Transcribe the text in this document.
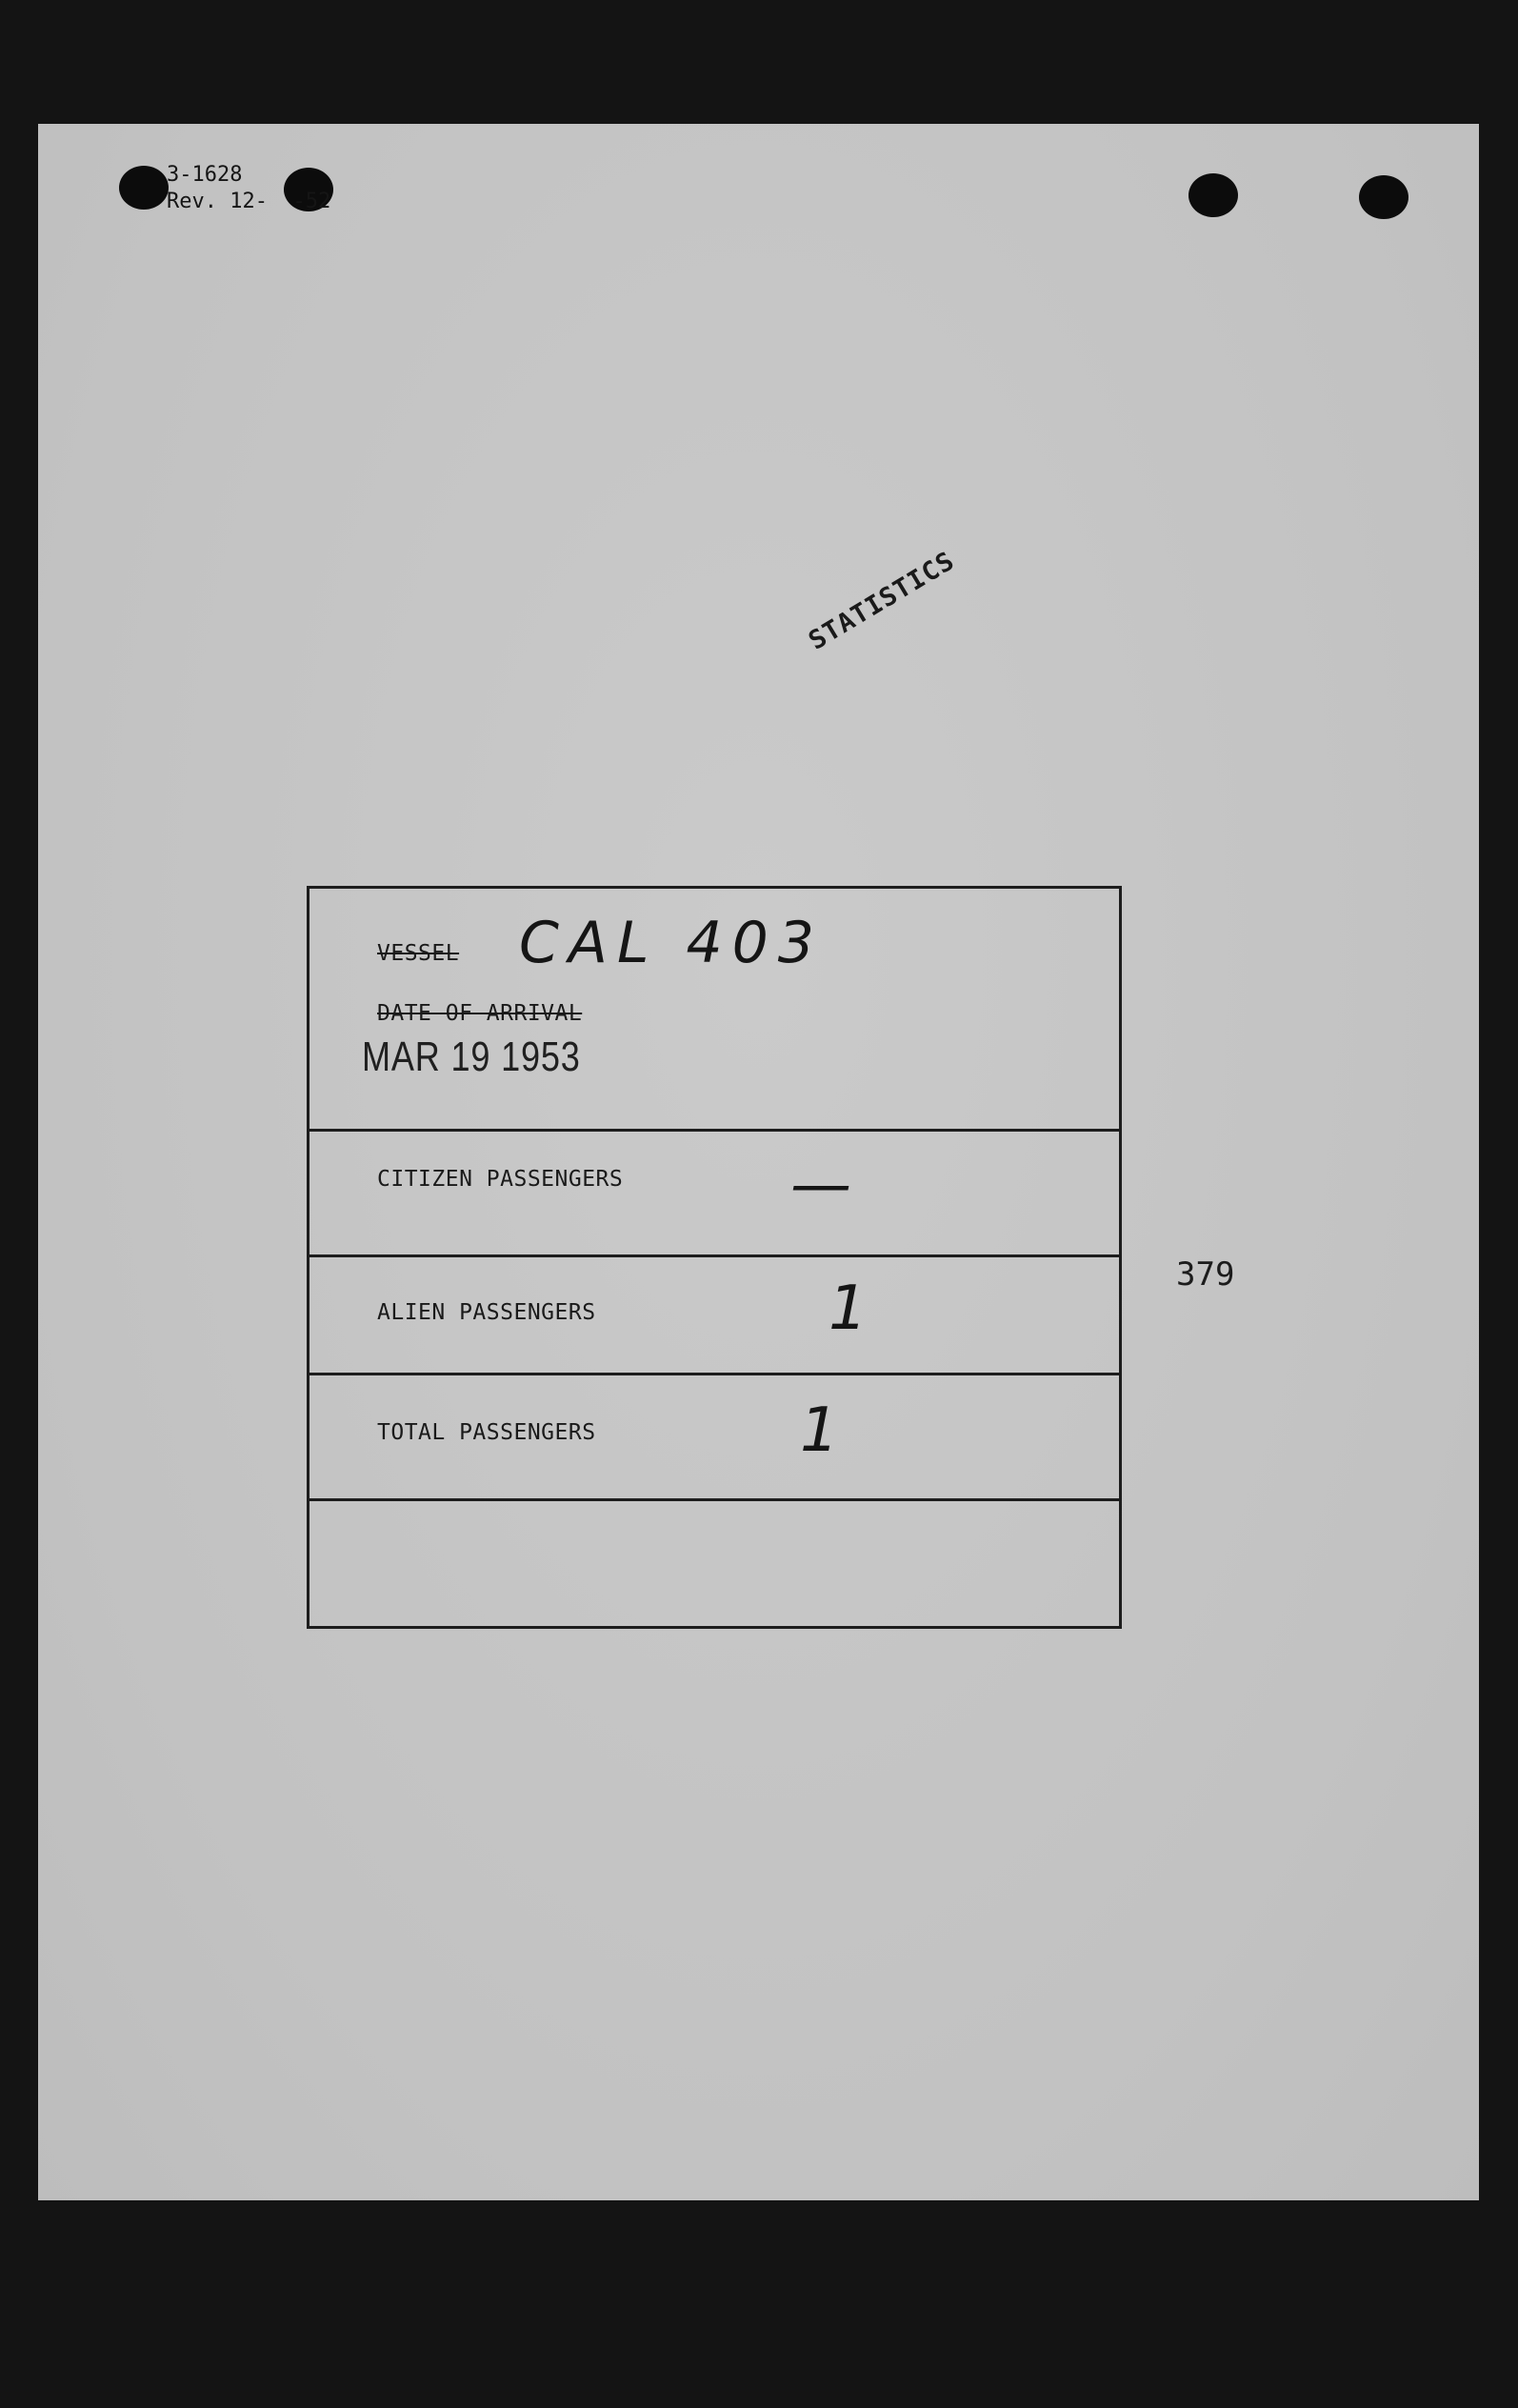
3-1628
Rev. 12-  -52
STATISTICS
VESSEL CAL 403
DATE OF ARRIVAL
MAR 19 1953
CITIZEN PASSENGERS	—
ALIEN PASSENGERS	1
TOTAL PASSENGERS	1
379
